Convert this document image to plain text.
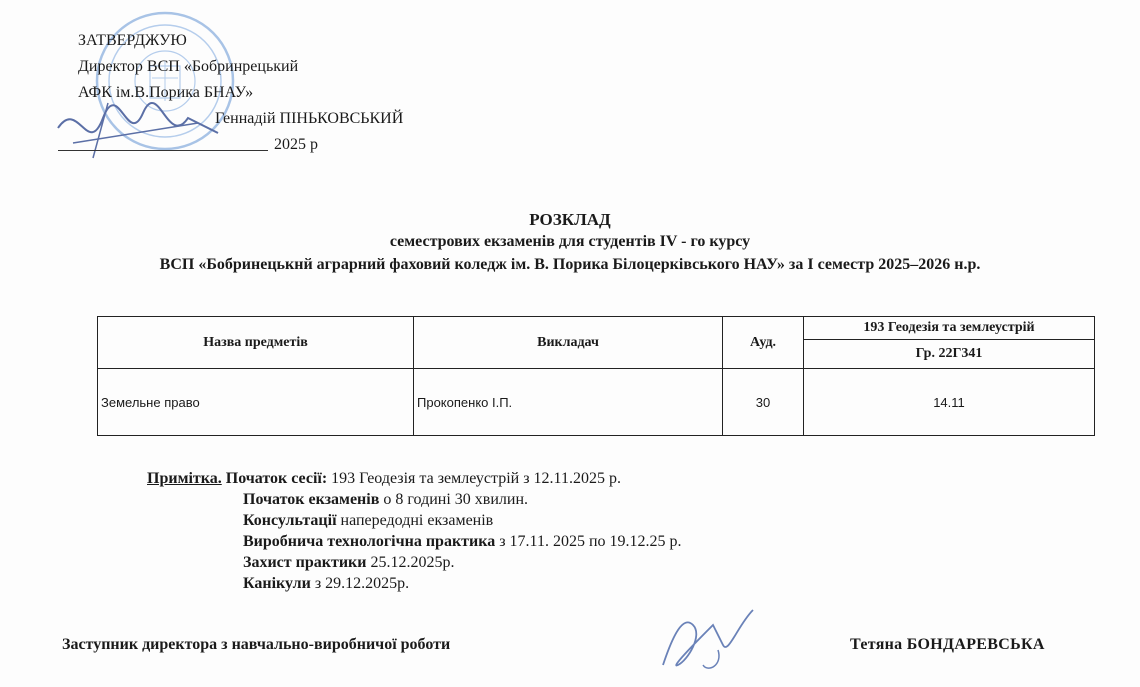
ЗАТВЕРДЖУЮ
Директор ВСП «Бобринрецький
АФК ім.В.Порика БНАУ»
Геннадій ПІНЬКОВСЬКИЙ
2025 р
РОЗКЛАД
семестрових екзаменів для студентів IV - го курсу
ВСП «Бобринецькнй аграрний фаховий коледж ім. В. Порика Білоцерківського НАУ» за І семестр 2025–2026 н.р.
Назва предметів	Викладач	Ауд.	193 Геодезія та землеустрій
			Гр. 22Г341
Земельне право	Прокопенко І.П.	30	14.11
Примітка. Початок сесії: 193 Геодезія та землеустрій з 12.11.2025 р.
Початок екзаменів о 8 годині 30 хвилин.
Консультації напередодні екзаменів
Виробнича технологічна практика з 17.11. 2025 по 19.12.25 р.
Захист практики 25.12.2025р.
Канікули з 29.12.2025р.
Заступник директора з навчально-виробничої роботи	Тетяна БОНДАРЕВСЬКА
